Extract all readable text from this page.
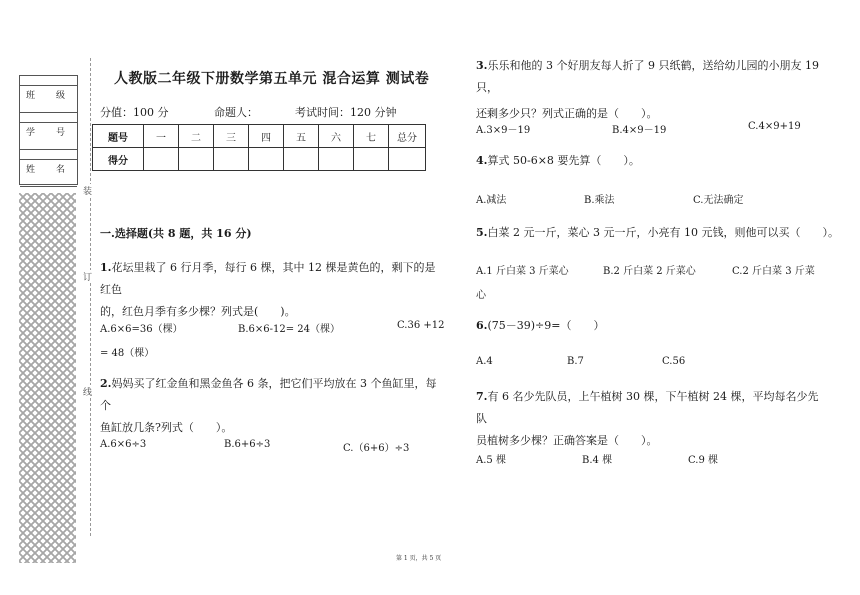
班　级
学　号
姓　名
装
订
线
人教版二年级下册数学第五单元 混合运算 测试卷
分值：100 分	命题人：	考试时间：120 分钟
题号	一	二	三	四	五	六	七	总分
得分								
一.选择题(共 8 题，共 16 分)
1.花坛里栽了 6 行月季，每行 6 棵，其中 12 棵是黄色的，剩下的是红色
的，红色月季有多少棵？列式是(　　)。
A.6×6=36（棵）	B.6×6-12= 24（棵）	C.36 +12
= 48（棵）
2.妈妈买了红金鱼和黑金鱼各 6 条，把它们平均放在 3 个鱼缸里，每个
鱼缸放几条?列式（　　）。
A.6×6÷3	B.6+6÷3	C.（6+6）÷3
3.乐乐和他的 3 个好朋友每人折了 9 只纸鹤，送给幼儿园的小朋友 19 只，
还剩多少只？列式正确的是（　　）。
A.3×9－19	B.4×9－19	C.4×9+19
4.算式 50-6×8 要先算（　　）。
A.减法	B.乘法	C.无法确定
5.白菜 2 元一斤，菜心 3 元一斤，小亮有 10 元钱，则他可以买（　　）。
A.1 斤白菜 3 斤菜心	B.2 斤白菜 2 斤菜心	C.2 斤白菜 3 斤菜
心
6.(75－39)÷9=（　　）
A.4	B.7	C.56
7.有 6 名少先队员，上午植树 30 棵，下午植树 24 棵，平均每名少先队
员植树多少棵？正确答案是（　　）。
A.5 棵	B.4 棵	C.9 棵
第 1 页，共 5 页
